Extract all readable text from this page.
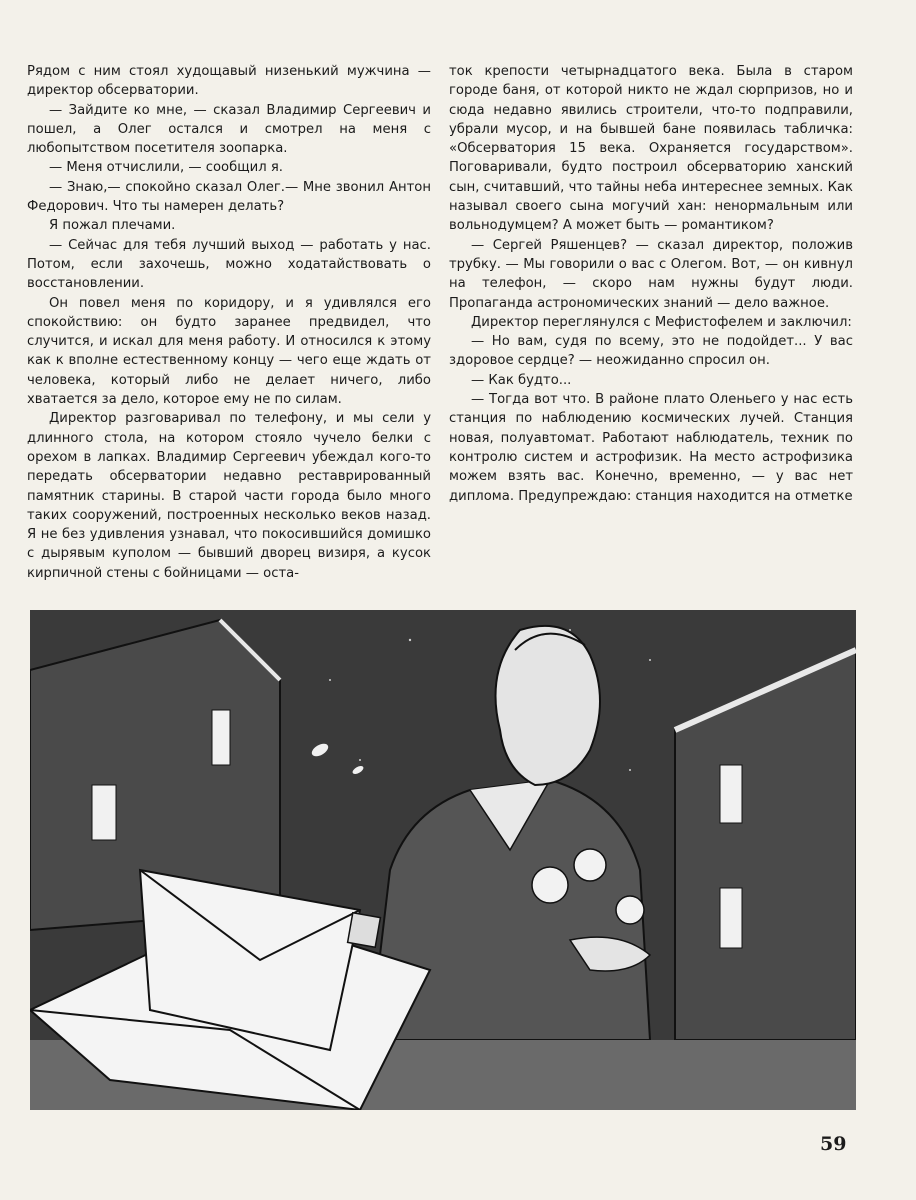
Рядом с ним стоял худощавый низенький мужчина — директор обсерватории.

— Зайдите ко мне, — сказал Владимир Сергеевич и пошел, а Олег остался и смотрел на меня с любопытством посетителя зоопарка.

— Меня отчислили, — сообщил я.

— Знаю,— спокойно сказал Олег.— Мне звонил Антон Федорович. Что ты намерен делать?

Я пожал плечами.

— Сейчас для тебя лучший выход — работать у нас. Потом, если захочешь, можно ходатайствовать о восстановлении.

Он повел меня по коридору, и я удивлялся его спокойствию: он будто заранее предвидел, что случится, и искал для меня работу. И относился к этому как к вполне естественному концу — чего еще ждать от человека, который либо не делает ничего, либо хватается за дело, которое ему не по силам.

Директор разговаривал по телефону, и мы сели у длинного стола, на котором стояло чучело белки с орехом в лапках. Владимир Сергеевич убеждал кого-то передать обсерватории недавно реставрированный памятник старины. В старой части города было много таких сооружений, построенных несколько веков назад. Я не без удивления узнавал, что покосившийся домишко с дырявым куполом — бывший дворец визиря, а кусок кирпичной стены с бойницами — оста-

ток крепости четырнадцатого века. Была в старом городе баня, от которой никто не ждал сюрпризов, но и сюда недавно явились строители, что-то подправили, убрали мусор, и на бывшей бане появилась табличка: «Обсерватория 15 века. Охраняется государством». Поговаривали, будто построил обсерваторию ханский сын, считавший, что тайны неба интереснее земных. Как называл своего сына могучий хан: ненормальным или вольнодумцем? А может быть — романтиком?

— Сергей Ряшенцев? — сказал директор, положив трубку. — Мы говорили о вас с Олегом. Вот, — он кивнул на телефон, — скоро нам нужны будут люди. Пропаганда астрономических знаний — дело важное.

Директор переглянулся с Мефистофелем и заключил:

— Но вам, судя по всему, это не подойдет... У вас здоровое сердце? — неожиданно спросил он.

— Как будто...

— Тогда вот что. В районе плато Оленьего у нас есть станция по наблюдению космических лучей. Станция новая, полуавтомат. Работают наблюдатель, техник по контролю систем и астрофизик. На место астрофизика можем взять вас. Конечно, временно, — у вас нет диплома. Предупреждаю: станция находится на отметке

59
